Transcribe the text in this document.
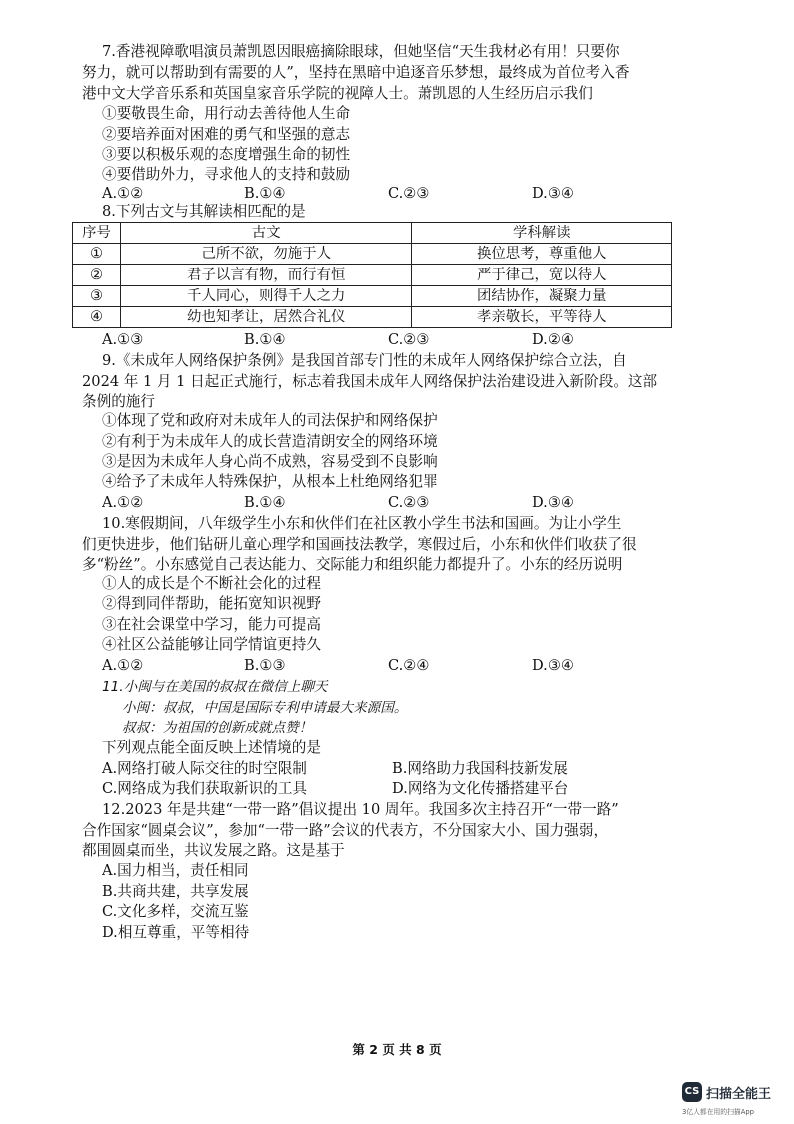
7.香港视障歌唱演员萧凯恩因眼癌摘除眼球，但她坚信“天生我材必有用！只要你
努力，就可以帮助到有需要的人”，坚持在黑暗中追逐音乐梦想，最终成为首位考入香
港中文大学音乐系和英国皇家音乐学院的视障人士。萧凯恩的人生经历启示我们
①要敬畏生命，用行动去善待他人生命
②要培养面对困难的勇气和坚强的意志
③要以积极乐观的态度增强生命的韧性
④要借助外力，寻求他人的支持和鼓励
A.①②	B.①④	C.②③	D.③④
8.下列古文与其解读相匹配的是
序号	古文	学科解读
①	己所不欲，勿施于人	换位思考，尊重他人
②	君子以言有物，而行有恒	严于律己，宽以待人
③	千人同心，则得千人之力	团结协作，凝聚力量
④	幼也知孝让，居然合礼仪	孝亲敬长，平等待人
A.①③	B.①④	C.②③	D.②④
9.《未成年人网络保护条例》是我国首部专门性的未成年人网络保护综合立法，自
2024 年 1 月 1 日起正式施行，标志着我国未成年人网络保护法治建设进入新阶段。这部
条例的施行
①体现了党和政府对未成年人的司法保护和网络保护
②有利于为未成年人的成长营造清朗安全的网络环境
③是因为未成年人身心尚不成熟，容易受到不良影响
④给予了未成年人特殊保护，从根本上杜绝网络犯罪
A.①②	B.①④	C.②③	D.③④
10.寒假期间，八年级学生小东和伙伴们在社区教小学生书法和国画。为让小学生
们更快进步，他们钻研儿童心理学和国画技法教学，寒假过后，小东和伙伴们收获了很
多“粉丝”。小东感觉自己表达能力、交际能力和组织能力都提升了。小东的经历说明
①人的成长是个不断社会化的过程
②得到同伴帮助，能拓宽知识视野
③在社会课堂中学习，能力可提高
④社区公益能够让同学情谊更持久
A.①②	B.①③	C.②④	D.③④
11.小闽与在美国的叔叔在微信上聊天
小闽：叔叔，中国是国际专利申请最大来源国。
叔叔：为祖国的创新成就点赞！
下列观点能全面反映上述情境的是
A.网络打破人际交往的时空限制	B.网络助力我国科技新发展
C.网络成为我们获取新识的工具	D.网络为文化传播搭建平台
12.2023 年是共建“一带一路”倡议提出 10 周年。我国多次主持召开“一带一路”
合作国家“圆桌会议”，参加“一带一路”会议的代表方，不分国家大小、国力强弱，
都围圆桌而坐，共议发展之路。这是基于
A.国力相当，责任相同
B.共商共建，共享发展
C.文化多样，交流互鉴
D.相互尊重，平等相待
第 2 页 共 8 页
CS 扫描全能王
3亿人都在用的扫描App
